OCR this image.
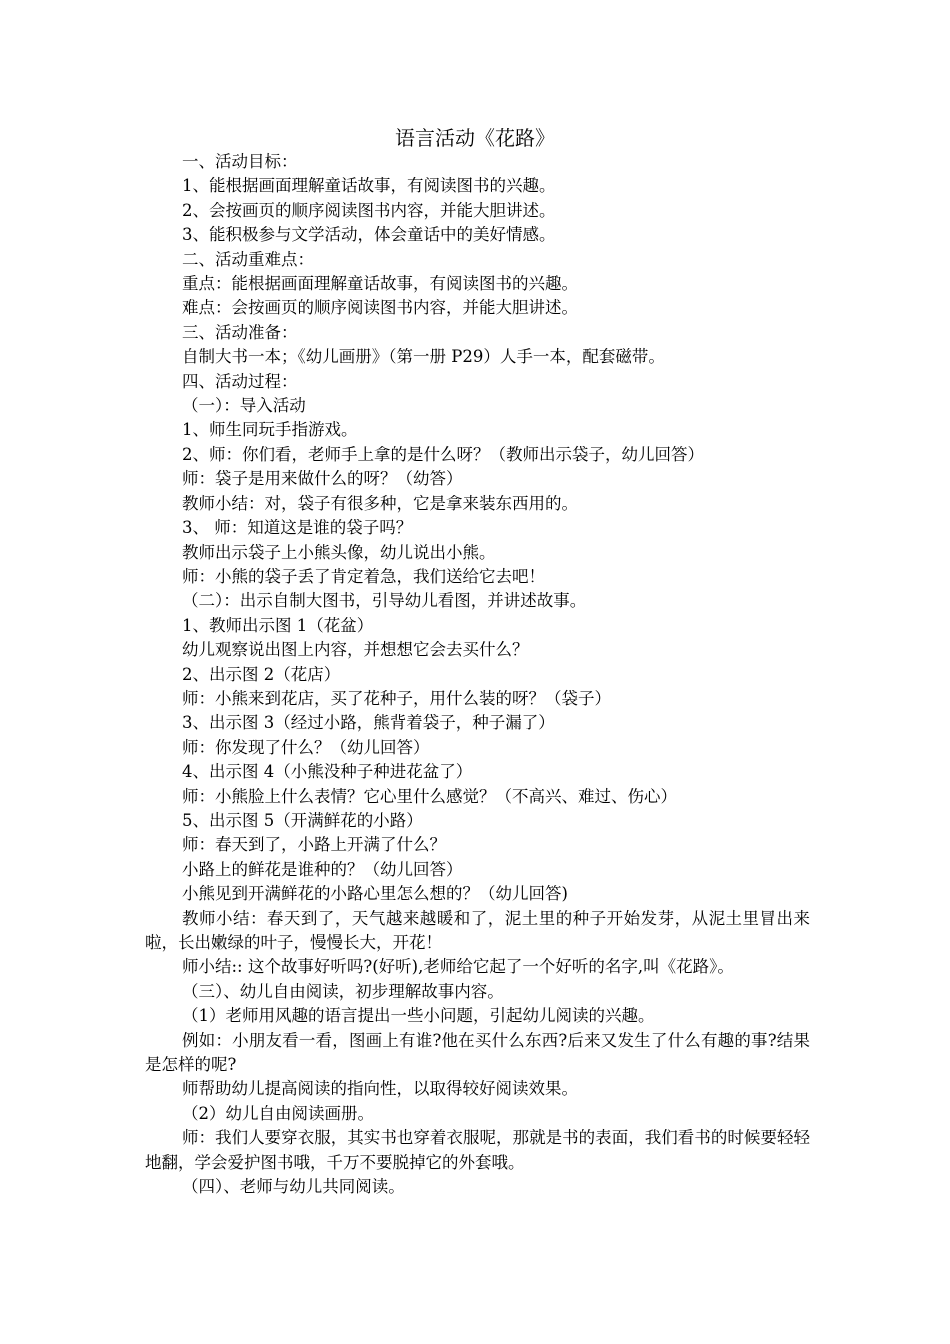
语言活动《花路》

一、活动目标：

1、能根据画面理解童话故事，有阅读图书的兴趣。

2、会按画页的顺序阅读图书内容，并能大胆讲述。

3、能积极参与文学活动，体会童话中的美好情感。

二、活动重难点：

重点：能根据画面理解童话故事，有阅读图书的兴趣。

难点：会按画页的顺序阅读图书内容，并能大胆讲述。

三、活动准备：

自制大书一本；《幼儿画册》（第一册 P29）人手一本，配套磁带。

四、活动过程：

（一）：导入活动

1、师生同玩手指游戏。

2、师：你们看，老师手上拿的是什么呀？（教师出示袋子，幼儿回答）

师：袋子是用来做什么的呀？（幼答）

教师小结：对，袋子有很多种，它是拿来装东西用的。

3、 师：知道这是谁的袋子吗？

教师出示袋子上小熊头像，幼儿说出小熊。

师：小熊的袋子丢了肯定着急，我们送给它去吧！

（二）：出示自制大图书，引导幼儿看图，并讲述故事。

1、教师出示图 1（花盆）

幼儿观察说出图上内容，并想想它会去买什么？

2、出示图 2（花店）

师：小熊来到花店，买了花种子，用什么装的呀？（袋子）

3、出示图 3（经过小路，熊背着袋子，种子漏了）

师：你发现了什么？（幼儿回答）

4、出示图 4（小熊没种子种进花盆了）

师：小熊脸上什么表情？它心里什么感觉？（不高兴、难过、伤心）

5、出示图 5（开满鲜花的小路）

师：春天到了，小路上开满了什么？

小路上的鲜花是谁种的？（幼儿回答）

小熊见到开满鲜花的小路心里怎么想的？（幼儿回答)

教师小结：春天到了，天气越来越暖和了，泥土里的种子开始发芽，从泥土里冒出来啦，长出嫩绿的叶子，慢慢长大，开花！

师小结:: 这个故事好听吗?(好听),老师给它起了一个好听的名字,叫《花路》。

（三）、幼儿自由阅读，初步理解故事内容。

（1）老师用风趣的语言提出一些小问题，引起幼儿阅读的兴趣。

例如：小朋友看一看，图画上有谁?他在买什么东西?后来又发生了什么有趣的事?结果是怎样的呢?

师帮助幼儿提高阅读的指向性，以取得较好阅读效果。

（2）幼儿自由阅读画册。

师：我们人要穿衣服，其实书也穿着衣服呢，那就是书的表面，我们看书的时候要轻轻地翻，学会爱护图书哦，千万不要脱掉它的外套哦。

（四）、老师与幼儿共同阅读。
